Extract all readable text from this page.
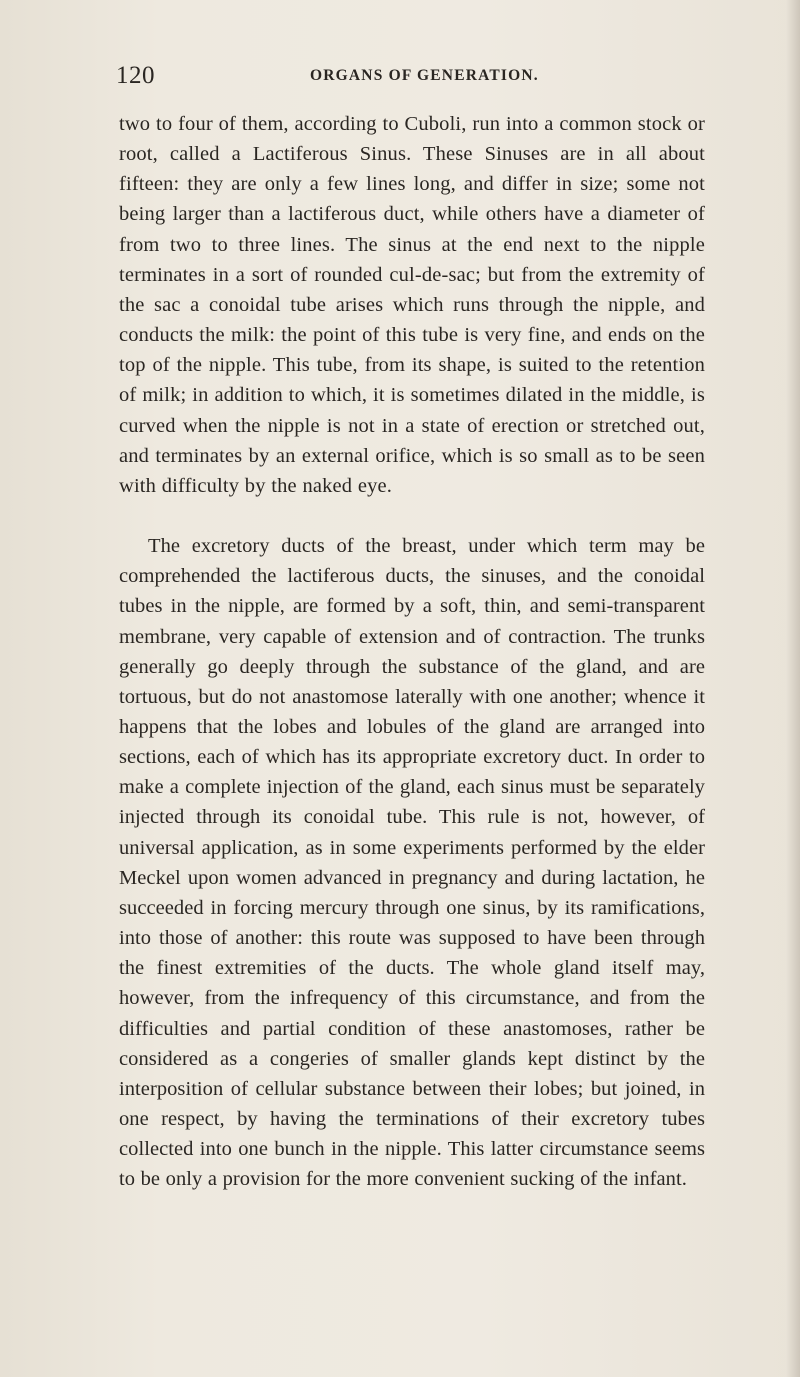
120	ORGANS OF GENERATION.

two to four of them, according to Cuboli, run into a common stock or root, called a Lactiferous Sinus. These Sinuses are in all about fifteen: they are only a few lines long, and differ in size; some not being larger than a lactiferous duct, while others have a diameter of from two to three lines. The sinus at the end next to the nipple terminates in a sort of rounded cul-de-sac; but from the extremity of the sac a conoidal tube arises which runs through the nipple, and conducts the milk: the point of this tube is very fine, and ends on the top of the nipple. This tube, from its shape, is suited to the retention of milk; in addition to which, it is sometimes dilated in the middle, is curved when the nipple is not in a state of erection or stretched out, and terminates by an external orifice, which is so small as to be seen with difficulty by the naked eye.

The excretory ducts of the breast, under which term may be comprehended the lactiferous ducts, the sinuses, and the conoidal tubes in the nipple, are formed by a soft, thin, and semi-transparent membrane, very capable of extension and of contraction. The trunks generally go deeply through the substance of the gland, and are tortuous, but do not anastomose laterally with one another; whence it happens that the lobes and lobules of the gland are arranged into sections, each of which has its appropriate excretory duct. In order to make a complete injection of the gland, each sinus must be separately injected through its conoidal tube. This rule is not, however, of universal application, as in some experiments performed by the elder Meckel upon women advanced in pregnancy and during lactation, he succeeded in forcing mercury through one sinus, by its ramifications, into those of another: this route was supposed to have been through the finest extremities of the ducts. The whole gland itself may, however, from the infrequency of this circumstance, and from the difficulties and partial condition of these anastomoses, rather be considered as a congeries of smaller glands kept distinct by the interposition of cellular substance between their lobes; but joined, in one respect, by having the terminations of their excretory tubes collected into one bunch in the nipple. This latter circumstance seems to be only a provision for the more convenient sucking of the infant.
